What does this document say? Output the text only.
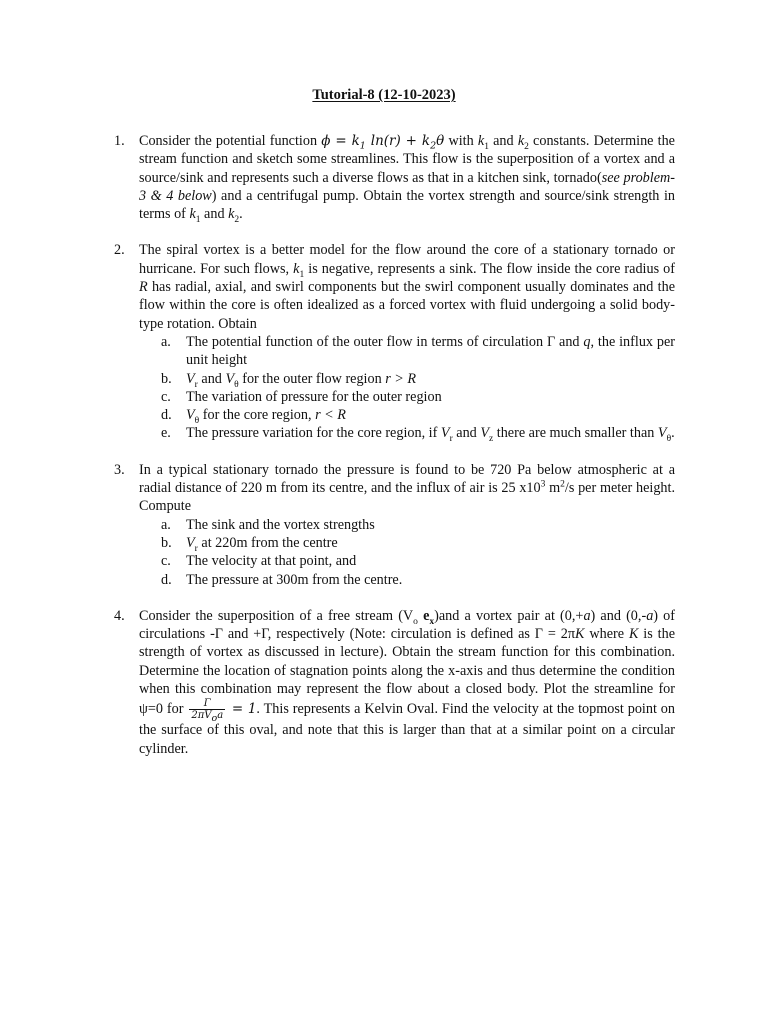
Tutorial-8 (12-10-2023)
1. Consider the potential function $\phi = k_1$ $\ln(r) + k_2\theta$ with $k_1$ and $k_2$ constants. Determine the stream function and sketch some streamlines. This flow is the superposition of a vortex and a source/sink and represents such a diverse flows as that in a kitchen sink, tornado(see problem-3 & 4 below) and a centrifugal pump. Obtain the vortex strength and source/sink strength in terms of $k_1$ and $k_2$.
2. The spiral vortex is a better model for the flow around the core of a stationary tornado or hurricane. For such flows, $k_1$ is negative, represents a sink. The flow inside the core radius of R has radial, axial, and swirl components but the swirl component usually dominates and the flow within the core is often idealized as a forced vortex with fluid undergoing a solid body-type rotation. Obtain
a. The potential function of the outer flow in terms of circulation Γ and q, the influx per unit height
b. $V_r$ and $V_\theta$ for the outer flow region r > R
c. The variation of pressure for the outer region
d. $V_\theta$ for the core region, r < R
e. The pressure variation for the core region, if $V_r$ and $V_z$ there are much smaller than $V_\theta$.
3. In a typical stationary tornado the pressure is found to be 720 Pa below atmospheric at a radial distance of 220 m from its centre, and the influx of air is 25 $x10^3$ $m^2/s$ per meter height. Compute
a. The sink and the vortex strengths
b. $V_r$ at 220m from the centre
c. The velocity at that point, and
d. The pressure at 300m from the centre.
4. Consider the superposition of a free stream ($V_o$ $e_x)and$ a vortex pair at (0,+a) and (0,-a) of circulations -Γ and +Γ, respectively (Note: circulation is defined as Γ = 2πK where K is the strength of vortex as discussed in lecture). Obtain the stream function for this combination. Determine the location of stagnation points along the x-axis and thus determine the condition when this combination may represent the flow about a closed body. Plot the streamline for ψ=0 for $\frac{\Gamma}{2\pi V_oa} = 1$. This represents a Kelvin Oval. Find the velocity at the topmost point on the surface of this oval, and note that this is larger than that at a similar point on a circular cylinder.
